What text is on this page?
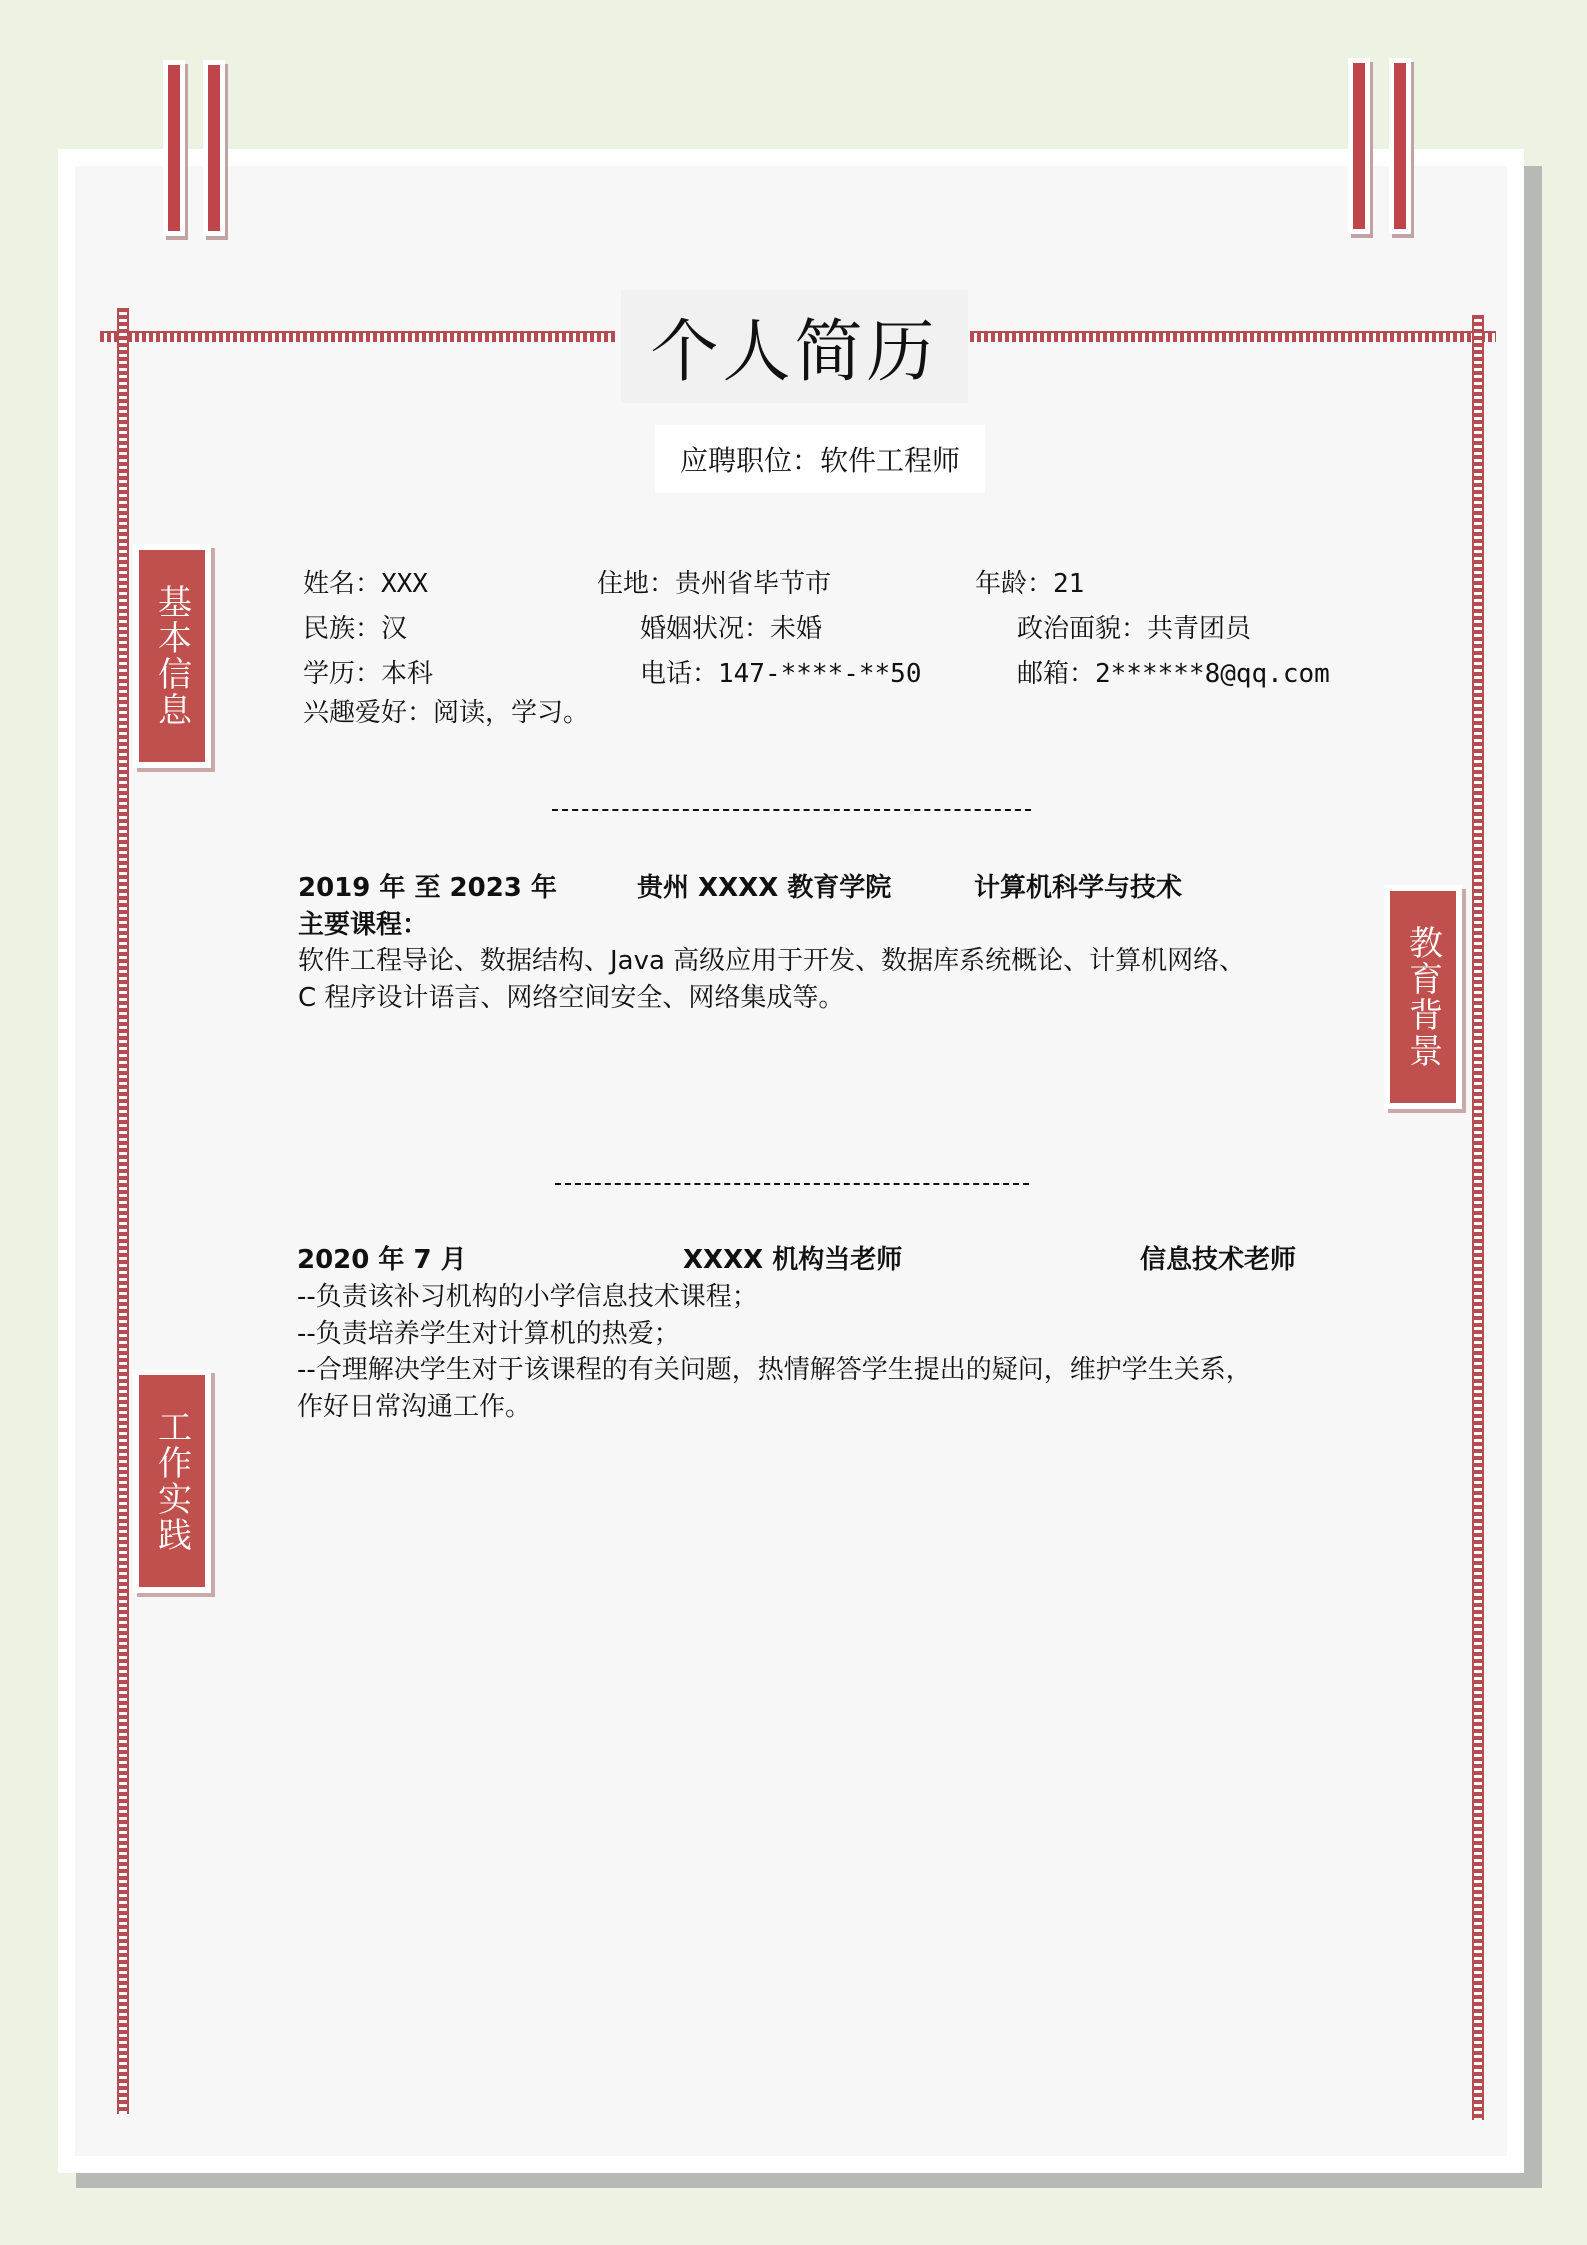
个人简历
应聘职位：软件工程师
基本信息
教育背景
工作实践
姓名：XXX	住地：贵州省毕节市	年龄：21
民族：汉	婚姻状况：未婚	政治面貌：共青团员
学历：本科	电话：147-****-**50	邮箱：2******8@qq.com
兴趣爱好：阅读，学习。
2019 年 至 2023 年	贵州 XXXX 教育学院	计算机科学与技术
主要课程：
软件工程导论、数据结构、Java 高级应用于开发、数据库系统概论、计算机网络、
C 程序设计语言、网络空间安全、网络集成等。
2020 年 7 月	XXXX 机构当老师	信息技术老师
--负责该补习机构的小学信息技术课程；
--负责培养学生对计算机的热爱；
--合理解决学生对于该课程的有关问题，热情解答学生提出的疑问，维护学生关系，
作好日常沟通工作。
